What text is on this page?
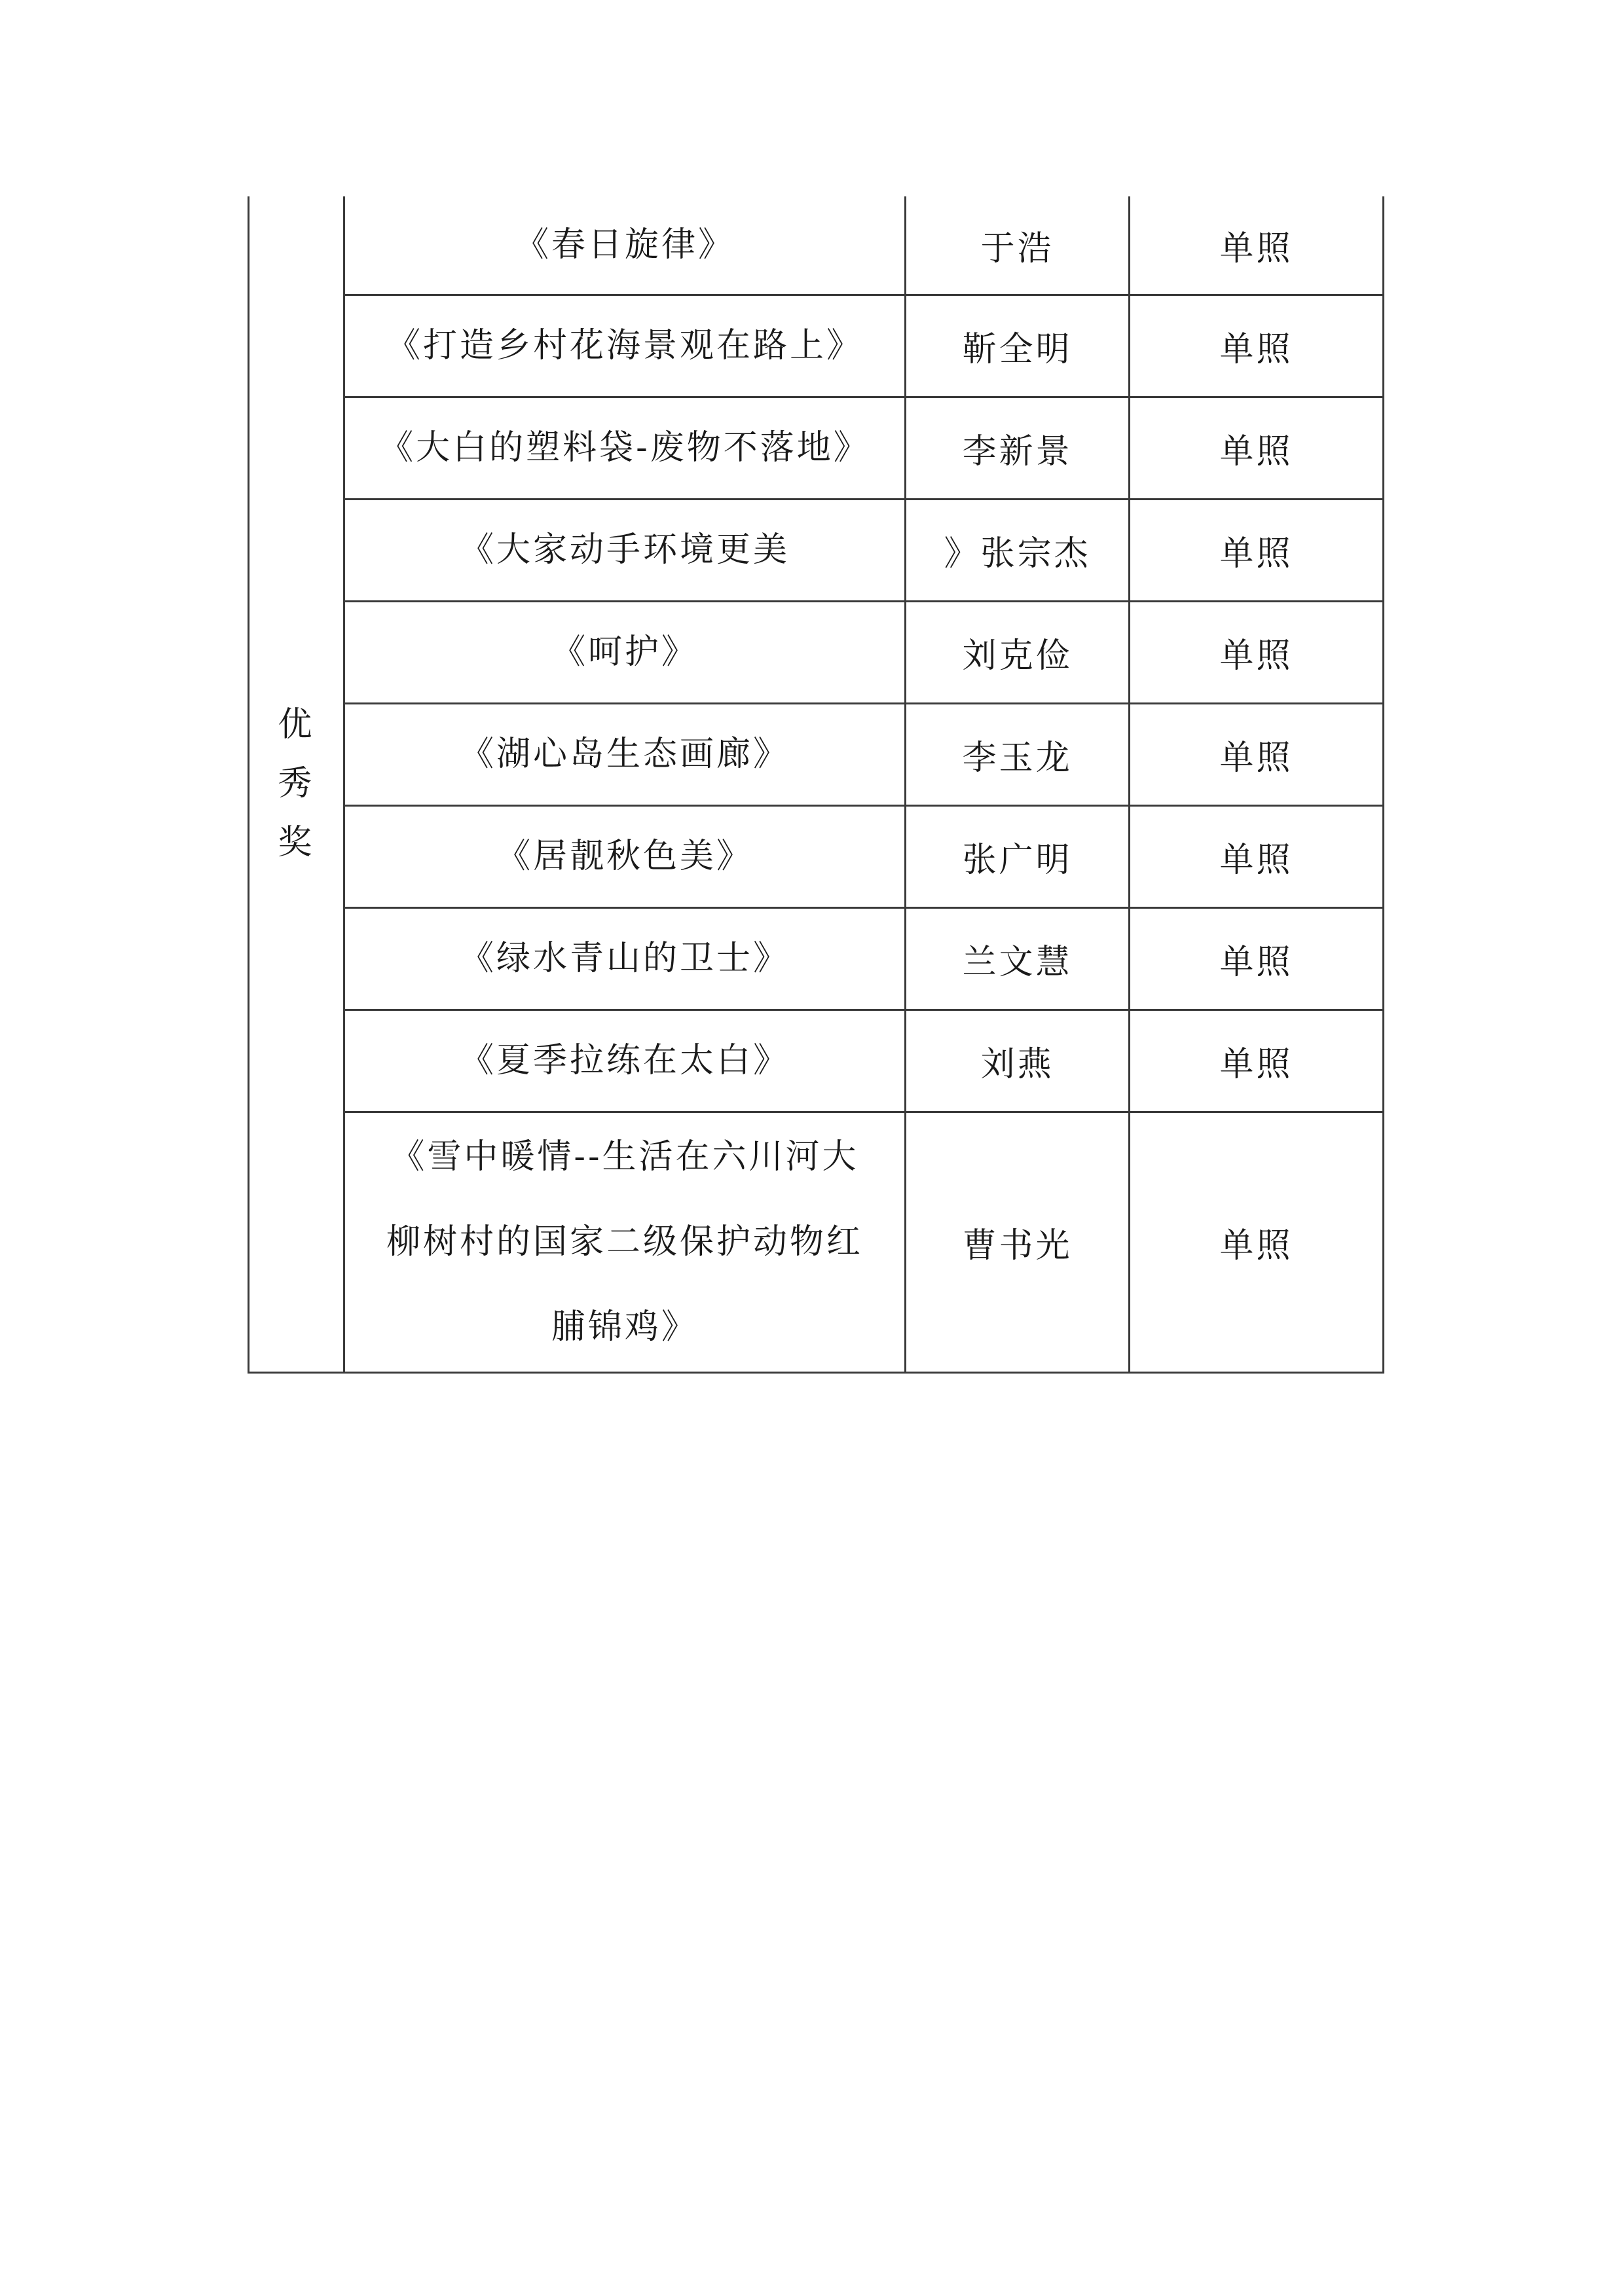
优
秀
奖	《春日旋律》	于浩	单照
	《打造乡村花海景观在路上》	靳全明	单照
	《大白的塑料袋-废物不落地》	李新景	单照
	《大家动手环境更美	》张宗杰	单照
	《呵护》	刘克俭	单照
	《湖心岛生态画廊》	李玉龙	单照
	《居靓秋色美》	张广明	单照
	《绿水青山的卫士》	兰文慧	单照
	《夏季拉练在太白》	刘燕	单照

	《雪中暖情--生活在六川河大
柳树村的国家二级保护动物红
脯锦鸡》	曹书光	单照
